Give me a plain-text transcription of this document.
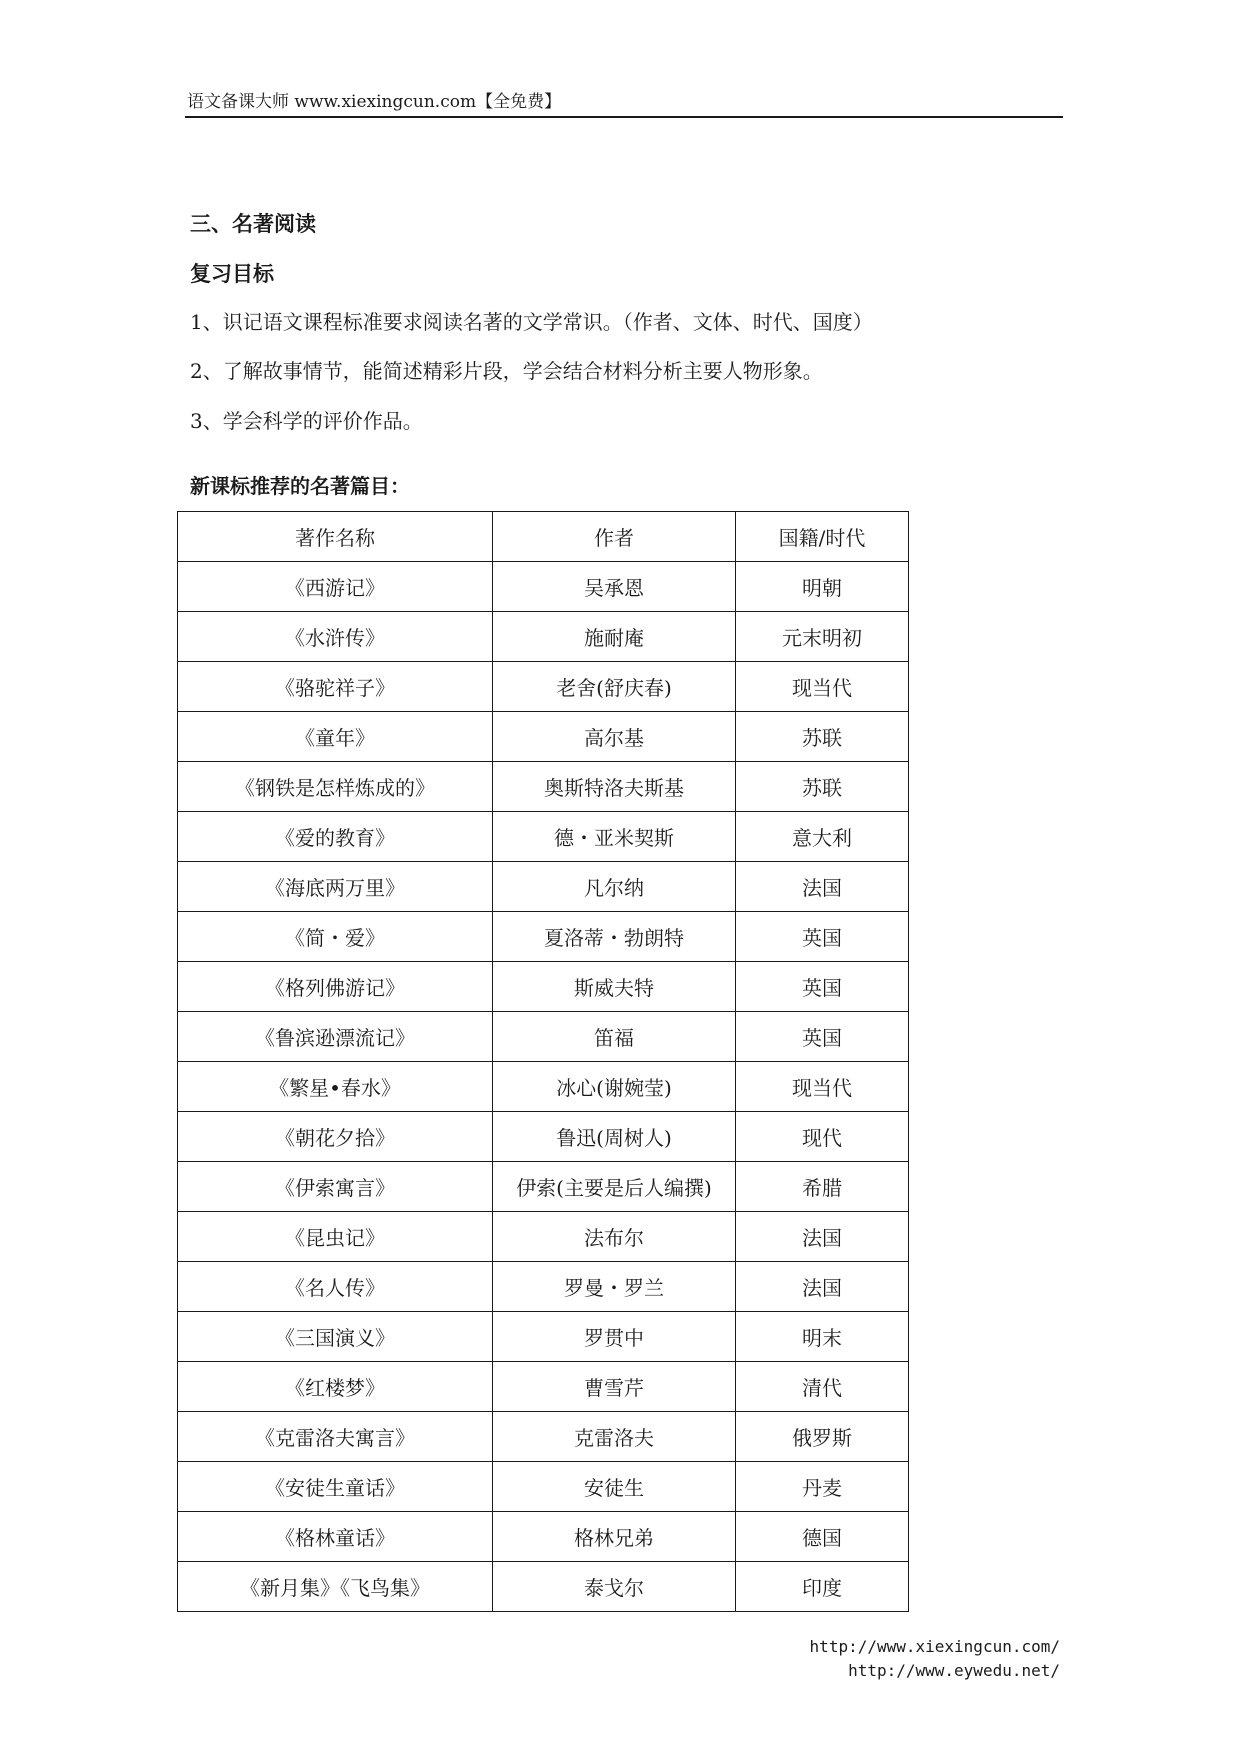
语文备课大师 www.xiexingcun.com【全免费】
三、名著阅读
复习目标
1、识记语文课程标准要求阅读名著的文学常识。（作者、文体、时代、国度）
2、了解故事情节，能简述精彩片段，学会结合材料分析主要人物形象。
3、学会科学的评价作品。
新课标推荐的名著篇目：
著作名称	作者	国籍/时代
《西游记》	吴承恩	明朝
《水浒传》	施耐庵	元末明初
《骆驼祥子》	老舍(舒庆春)	现当代
《童年》	高尔基	苏联
《钢铁是怎样炼成的》	奥斯特洛夫斯基	苏联
《爱的教育》	德・亚米契斯	意大利
《海底两万里》	凡尔纳	法国
《简・爱》	夏洛蒂・勃朗特	英国
《格列佛游记》	斯威夫特	英国
《鲁滨逊漂流记》	笛福	英国
《繁星•春水》	冰心(谢婉莹)	现当代
《朝花夕拾》	鲁迅(周树人)	现代
《伊索寓言》	伊索(主要是后人编撰)	希腊
《昆虫记》	法布尔	法国
《名人传》	罗曼・罗兰	法国
《三国演义》	罗贯中	明末
《红楼梦》	曹雪芹	清代
《克雷洛夫寓言》	克雷洛夫	俄罗斯
《安徒生童话》	安徒生	丹麦
《格林童话》	格林兄弟	德国
《新月集》《飞鸟集》	泰戈尔	印度
http://www.xiexingcun.com/ http://www.eywedu.net/
